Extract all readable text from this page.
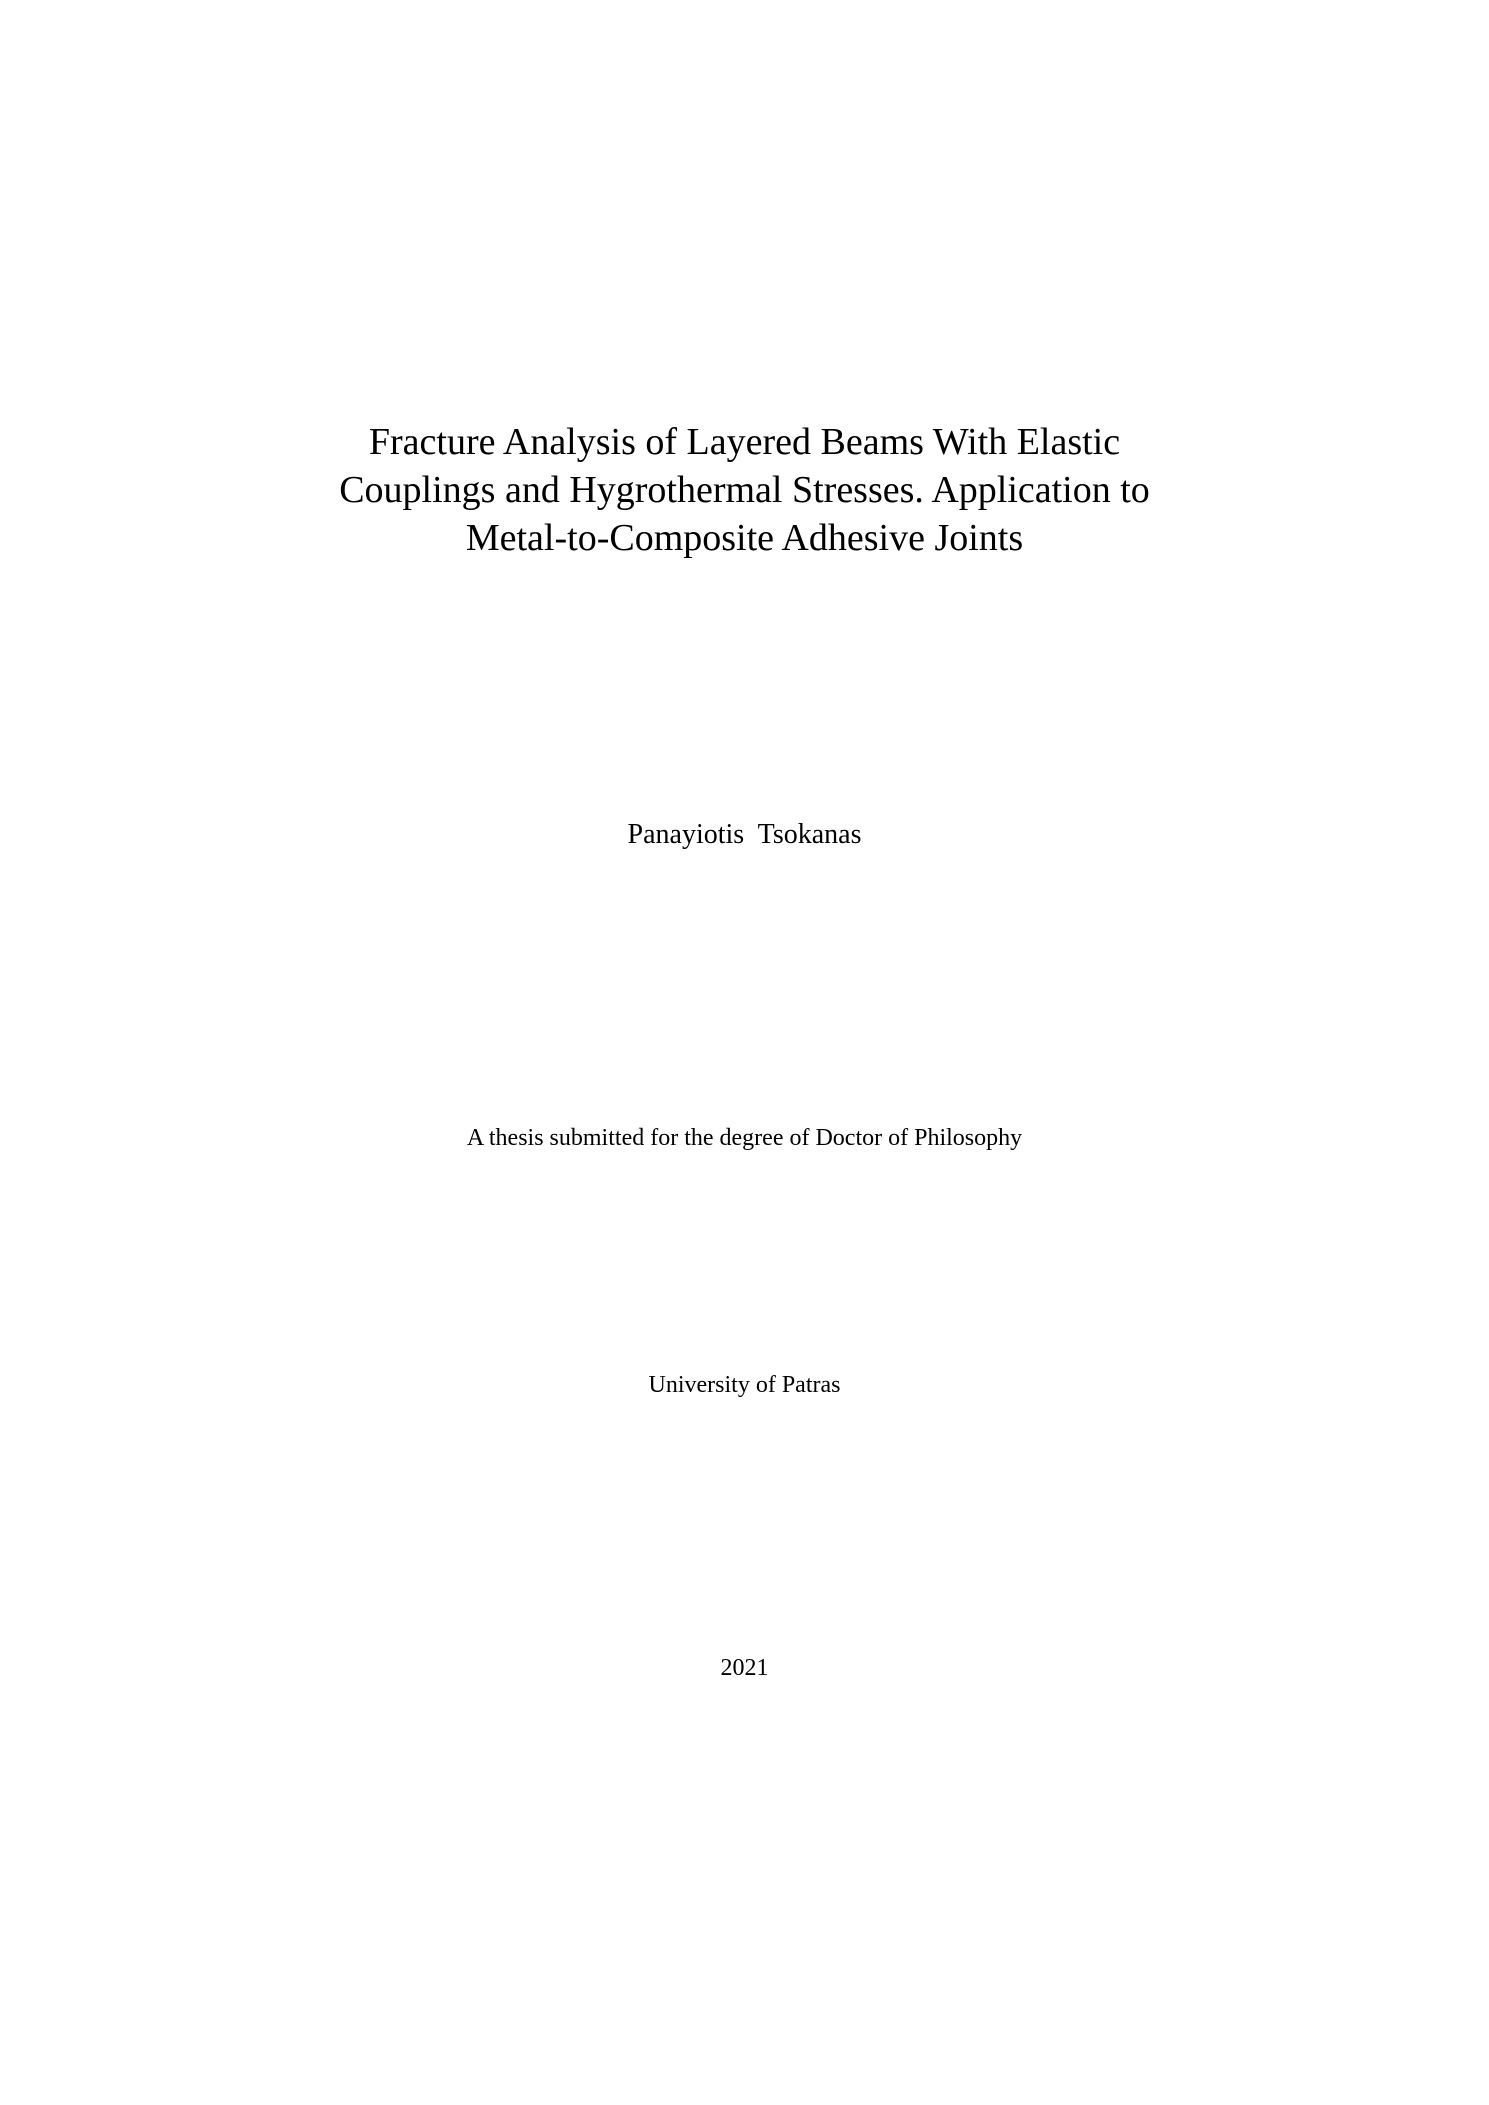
Fracture Analysis of Layered Beams With Elastic
Couplings and Hygrothermal Stresses. Application to
Metal-to-Composite Adhesive Joints

Panayiotis  Tsokanas

A thesis submitted for the degree of Doctor of Philosophy

University of Patras

2021
